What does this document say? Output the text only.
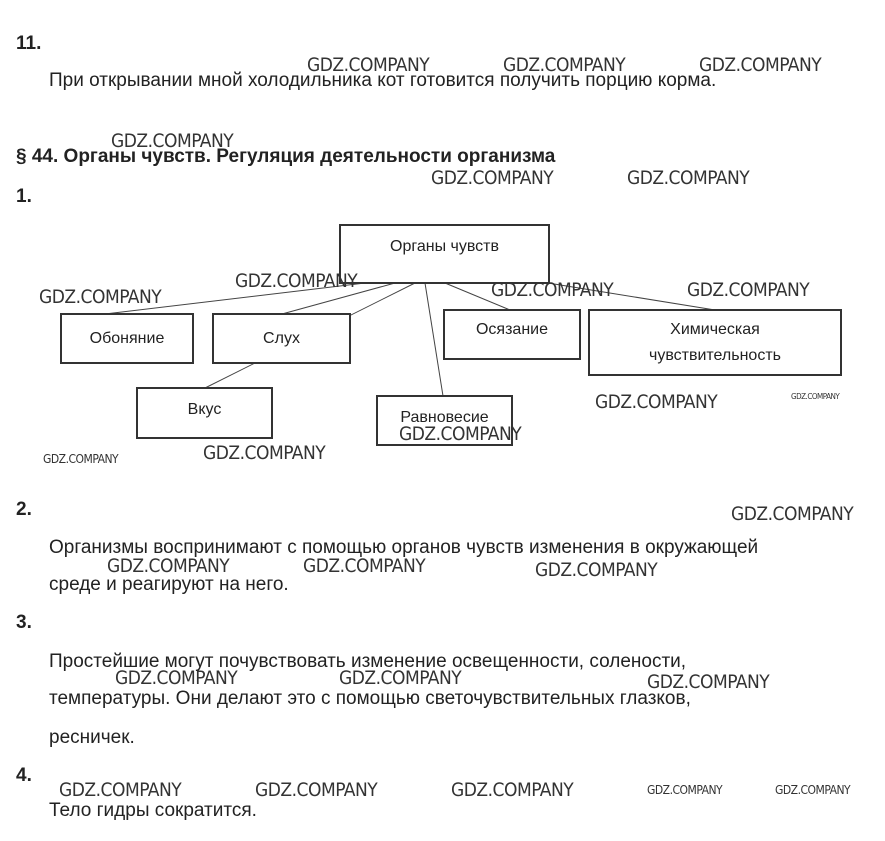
11.
При открывании мной холодильника кот готовится получить порцию корма.
§ 44. Органы чувств. Регуляция деятельности организма
1.
Органы чувств
Обоняние	Слух
Вкус	Равновесие
Осязание	Химическая
чувствительность
2.
Организмы воспринимают с помощью органов чувств изменения в окружающей
среде и реагируют на него.
3.
Простейшие могут почувствовать изменение освещенности, солености,
температуры. Они делают это с помощью светочувствительных глазков,
ресничек.
4.
Тело гидры сократится.
GDZ.COMPANY	GDZ.COMPANY	GDZ.COMPANY
GDZ.COMPANY
GDZ.COMPANY	GDZ.COMPANY
GDZ.COMPANY
GDZ.COMPANY	GDZ.COMPANY	GDZ.COMPANY
GDZ.COMPANY	GDZ.COMPANY
GDZ.COMPANY
GDZ.COMPANY
GDZ.COMPANY
GDZ.COMPANY
GDZ.COMPANY	GDZ.COMPANY	GDZ.COMPANY
GDZ.COMPANY	GDZ.COMPANY	GDZ.COMPANY
GDZ.COMPANY	GDZ.COMPANY	GDZ.COMPANY	GDZ.COMPANY	GDZ.COMPANY
